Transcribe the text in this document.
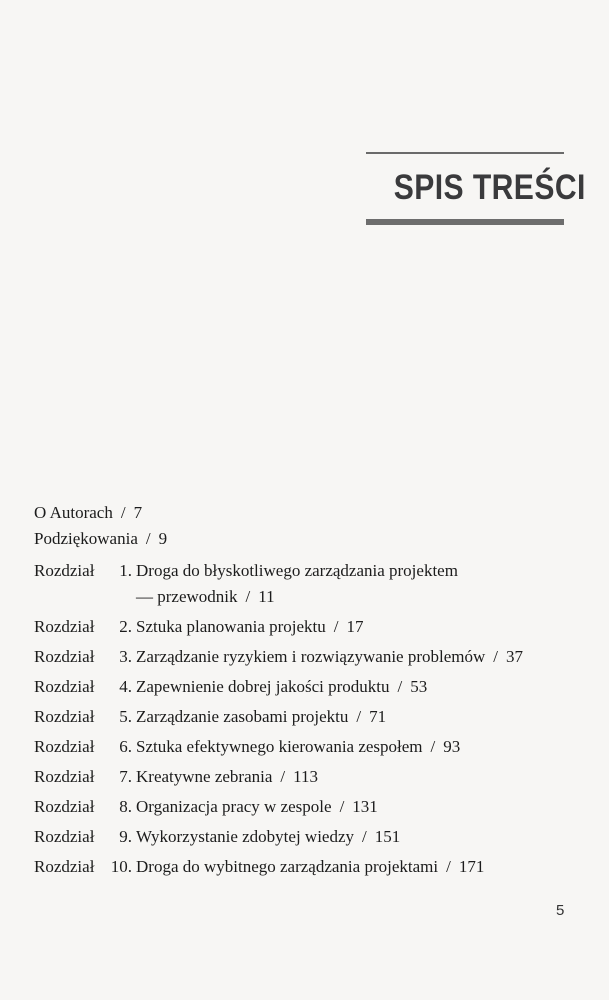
SPIS TREŚCI
O Autorach / 7
Podziękowania / 9
Rozdział	1. Droga do błyskotliwego zarządzania projektem
— przewodnik / 11
Rozdział	2. Sztuka planowania projektu / 17
Rozdział	3. Zarządzanie ryzykiem i rozwiązywanie problemów / 37
Rozdział	4. Zapewnienie dobrej jakości produktu / 53
Rozdział	5. Zarządzanie zasobami projektu / 71
Rozdział	6. Sztuka efektywnego kierowania zespołem / 93
Rozdział	7. Kreatywne zebrania / 113
Rozdział	8. Organizacja pracy w zespole / 131
Rozdział	9. Wykorzystanie zdobytej wiedzy / 151
Rozdział 10. Droga do wybitnego zarządzania projektami / 171
5
